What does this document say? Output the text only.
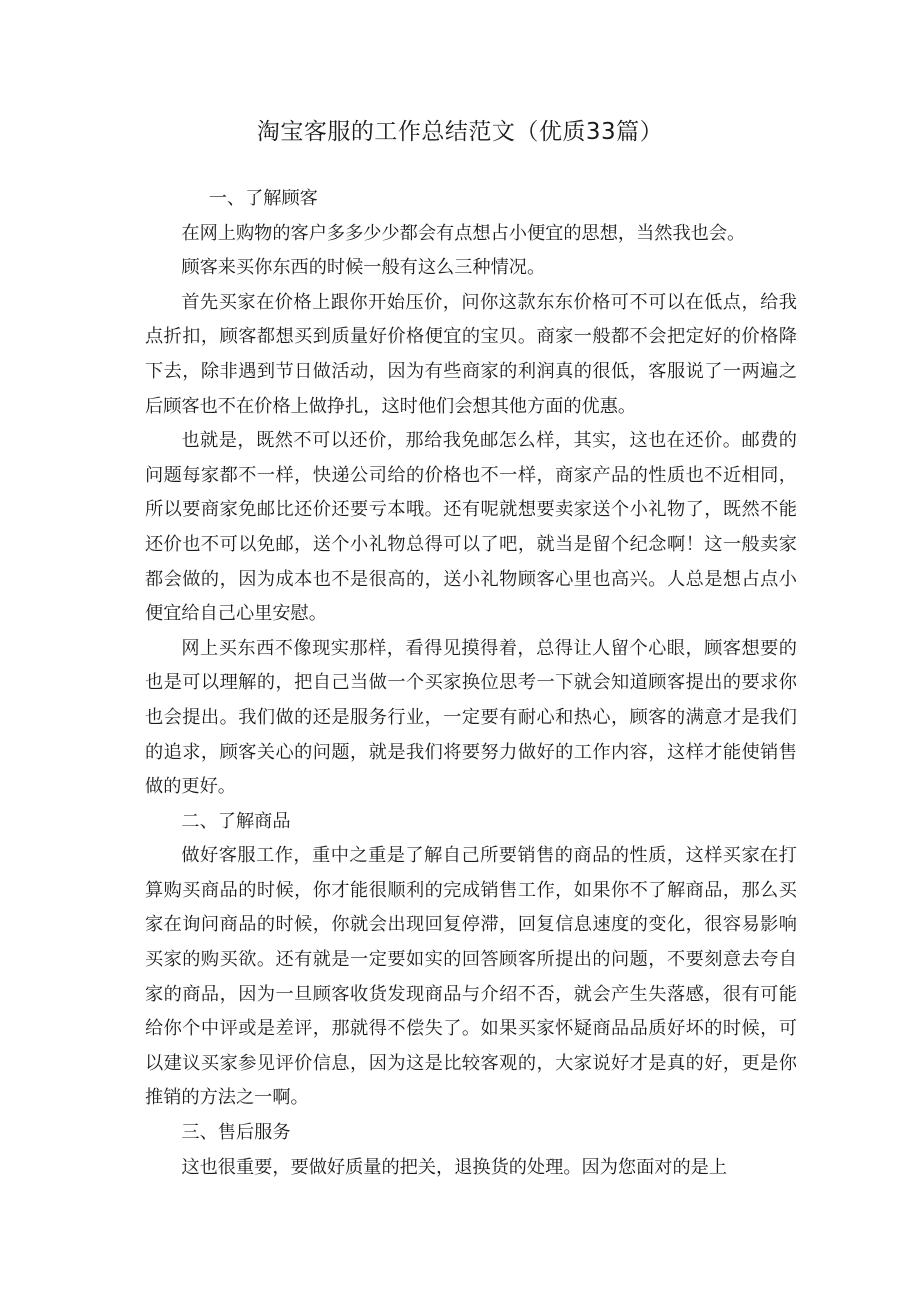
淘宝客服的工作总结范文（优质33篇）

一、了解顾客

在网上购物的客户多多少少都会有点想占小便宜的思想，当然我也会。

顾客来买你东西的时候一般有这么三种情况。

首先买家在价格上跟你开始压价，问你这款东东价格可不可以在低点，给我点折扣，顾客都想买到质量好价格便宜的宝贝。商家一般都不会把定好的价格降下去，除非遇到节日做活动，因为有些商家的利润真的很低，客服说了一两遍之后顾客也不在价格上做挣扎，这时他们会想其他方面的优惠。

也就是，既然不可以还价，那给我免邮怎么样，其实，这也在还价。邮费的问题每家都不一样，快递公司给的价格也不一样，商家产品的性质也不近相同，所以要商家免邮比还价还要亏本哦。还有呢就想要卖家送个小礼物了，既然不能还价也不可以免邮，送个小礼物总得可以了吧，就当是留个纪念啊！这一般卖家都会做的，因为成本也不是很高的，送小礼物顾客心里也高兴。人总是想占点小便宜给自己心里安慰。

网上买东西不像现实那样，看得见摸得着，总得让人留个心眼，顾客想要的也是可以理解的，把自己当做一个买家换位思考一下就会知道顾客提出的要求你也会提出。我们做的还是服务行业，一定要有耐心和热心，顾客的满意才是我们的追求，顾客关心的问题，就是我们将要努力做好的工作内容，这样才能使销售做的更好。

二、了解商品

做好客服工作，重中之重是了解自己所要销售的商品的性质，这样买家在打算购买商品的时候，你才能很顺利的完成销售工作，如果你不了解商品，那么买家在询问商品的时候，你就会出现回复停滞，回复信息速度的变化，很容易影响买家的购买欲。还有就是一定要如实的回答顾客所提出的问题，不要刻意去夸自家的商品，因为一旦顾客收货发现商品与介绍不否，就会产生失落感，很有可能给你个中评或是差评，那就得不偿失了。如果买家怀疑商品品质好坏的时候，可以建议买家参见评价信息，因为这是比较客观的，大家说好才是真的好，更是你推销的方法之一啊。

三、售后服务

这也很重要，要做好质量的把关，退换货的处理。因为您面对的是上
